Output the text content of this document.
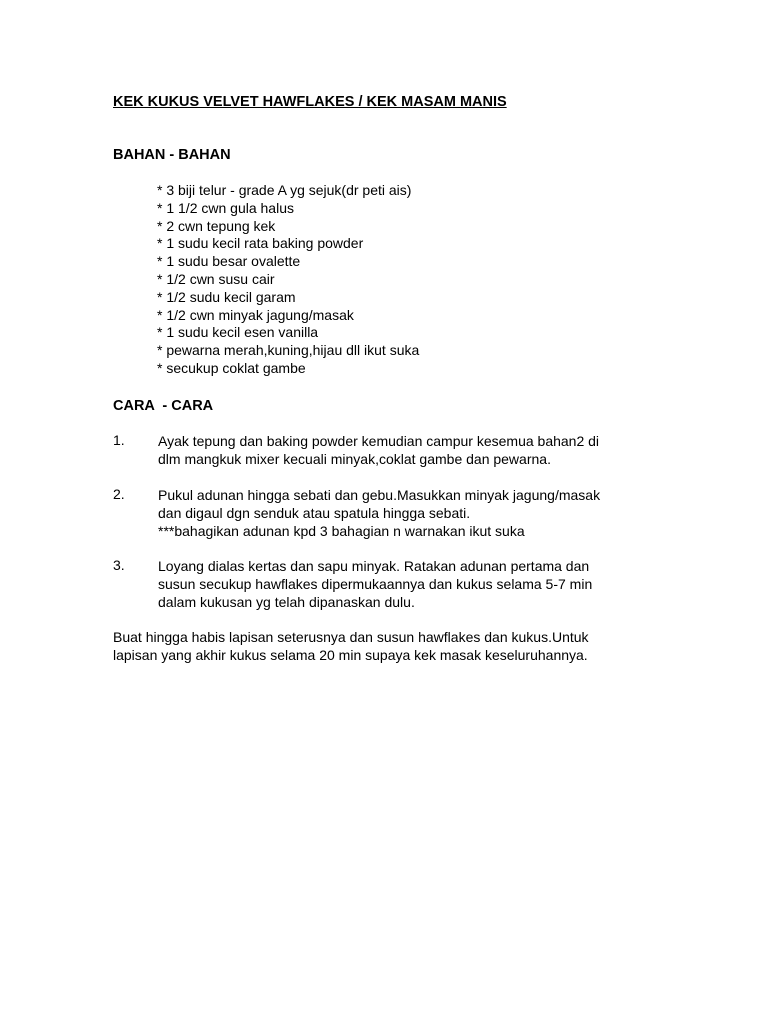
KEK KUKUS VELVET HAWFLAKES / KEK MASAM MANIS
BAHAN - BAHAN
* 3 biji telur - grade A yg sejuk(dr peti ais)
* 1 1/2 cwn gula halus
* 2 cwn tepung kek
* 1 sudu kecil rata baking powder
* 1 sudu besar ovalette
* 1/2 cwn susu cair
* 1/2 sudu kecil garam
* 1/2 cwn minyak jagung/masak
* 1 sudu kecil esen vanilla
* pewarna merah,kuning,hijau dll ikut suka
* secukup coklat gambe
CARA  - CARA
1. Ayak tepung dan baking powder kemudian campur kesemua bahan2 di
dlm mangkuk mixer kecuali minyak,coklat gambe dan pewarna.
2. Pukul adunan hingga sebati dan gebu.Masukkan minyak jagung/masak
dan digaul dgn senduk atau spatula hingga sebati.
***bahagikan adunan kpd 3 bahagian n warnakan ikut suka
3. Loyang dialas kertas dan sapu minyak. Ratakan adunan pertama dan
susun secukup hawflakes dipermukaannya dan kukus selama 5-7 min
dalam kukusan yg telah dipanaskan dulu.
Buat hingga habis lapisan seterusnya dan susun hawflakes dan kukus.Untuk
lapisan yang akhir kukus selama 20 min supaya kek masak keseluruhannya.
